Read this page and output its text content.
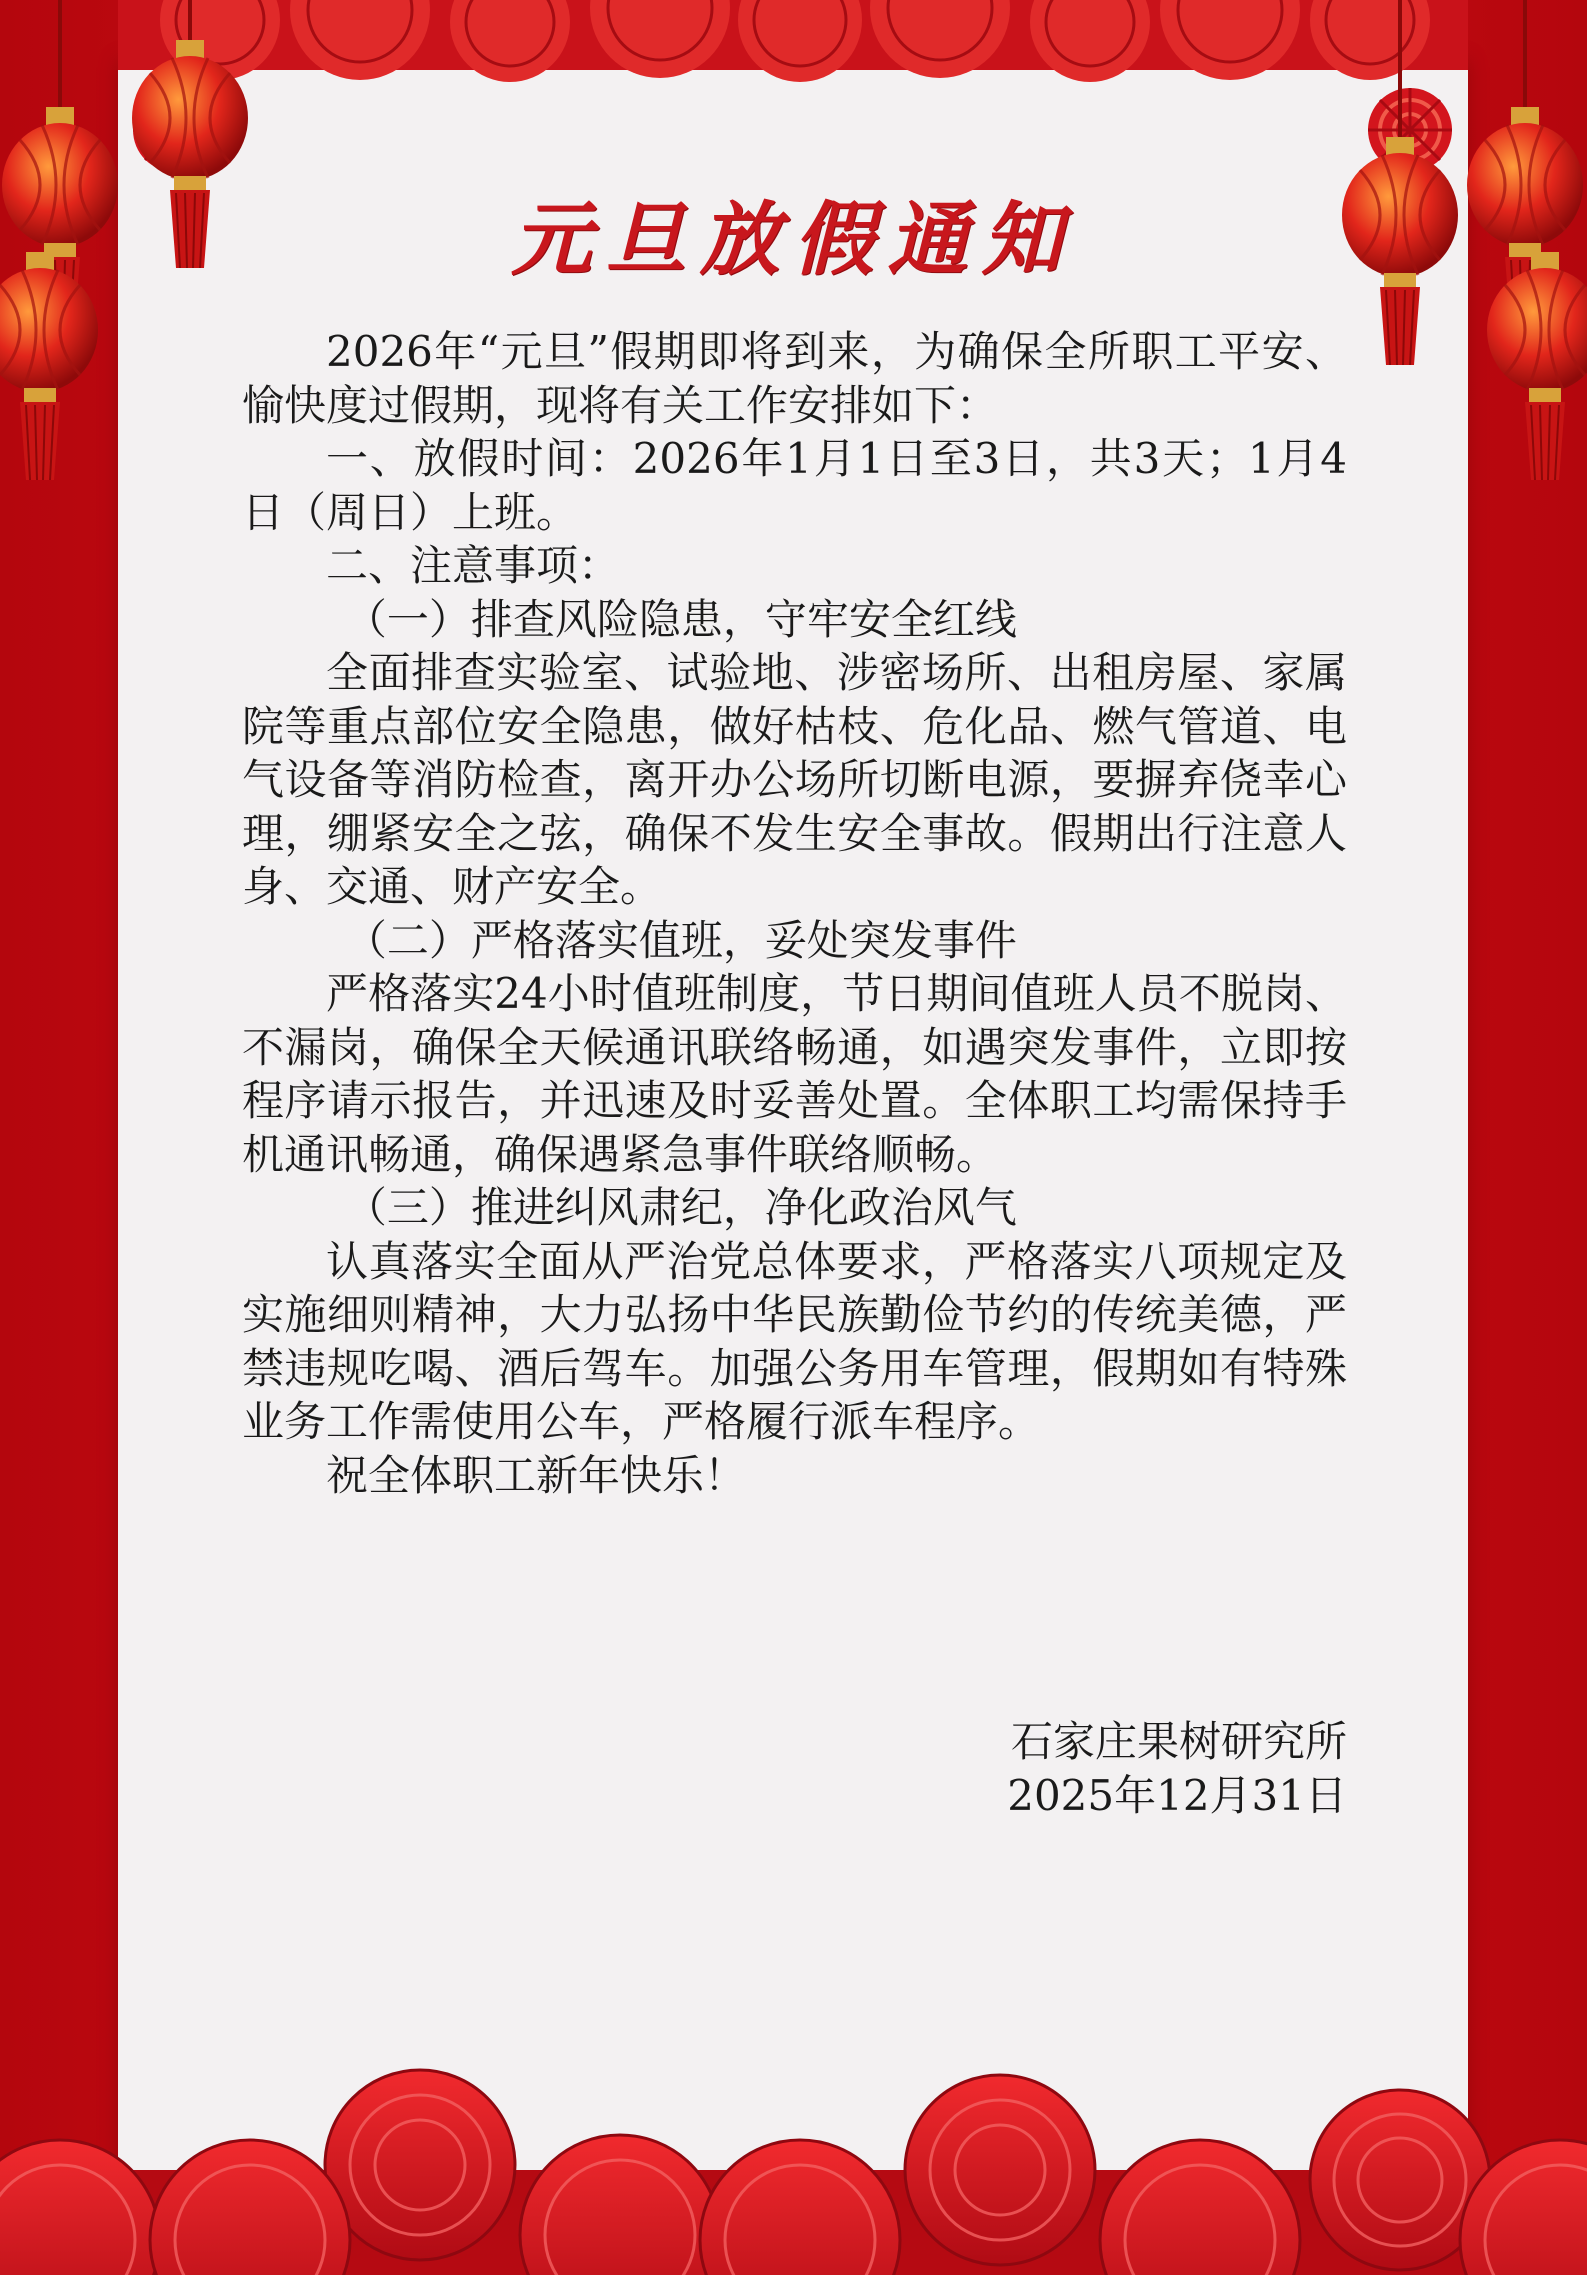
元旦放假通知

2026年“元旦”假期即将到来，为确保全所职工平安、愉快度过假期，现将有关工作安排如下：

一、放假时间：2026年1月1日至3日，共3天；1月4日（周日）上班。

二、注意事项：

（一）排查风险隐患，守牢安全红线

全面排查实验室、试验地、涉密场所、出租房屋、家属院等重点部位安全隐患，做好枯枝、危化品、燃气管道、电气设备等消防检查，离开办公场所切断电源，要摒弃侥幸心理，绷紧安全之弦，确保不发生安全事故。假期出行注意人身、交通、财产安全。

（二）严格落实值班，妥处突发事件

严格落实24小时值班制度，节日期间值班人员不脱岗、不漏岗，确保全天候通讯联络畅通，如遇突发事件，立即按程序请示报告，并迅速及时妥善处置。全体职工均需保持手机通讯畅通，确保遇紧急事件联络顺畅。

（三）推进纠风肃纪，净化政治风气

认真落实全面从严治党总体要求，严格落实八项规定及实施细则精神，大力弘扬中华民族勤俭节约的传统美德，严禁违规吃喝、酒后驾车。加强公务用车管理，假期如有特殊业务工作需使用公车，严格履行派车程序。

祝全体职工新年快乐！

石家庄果树研究所
2025年12月31日
